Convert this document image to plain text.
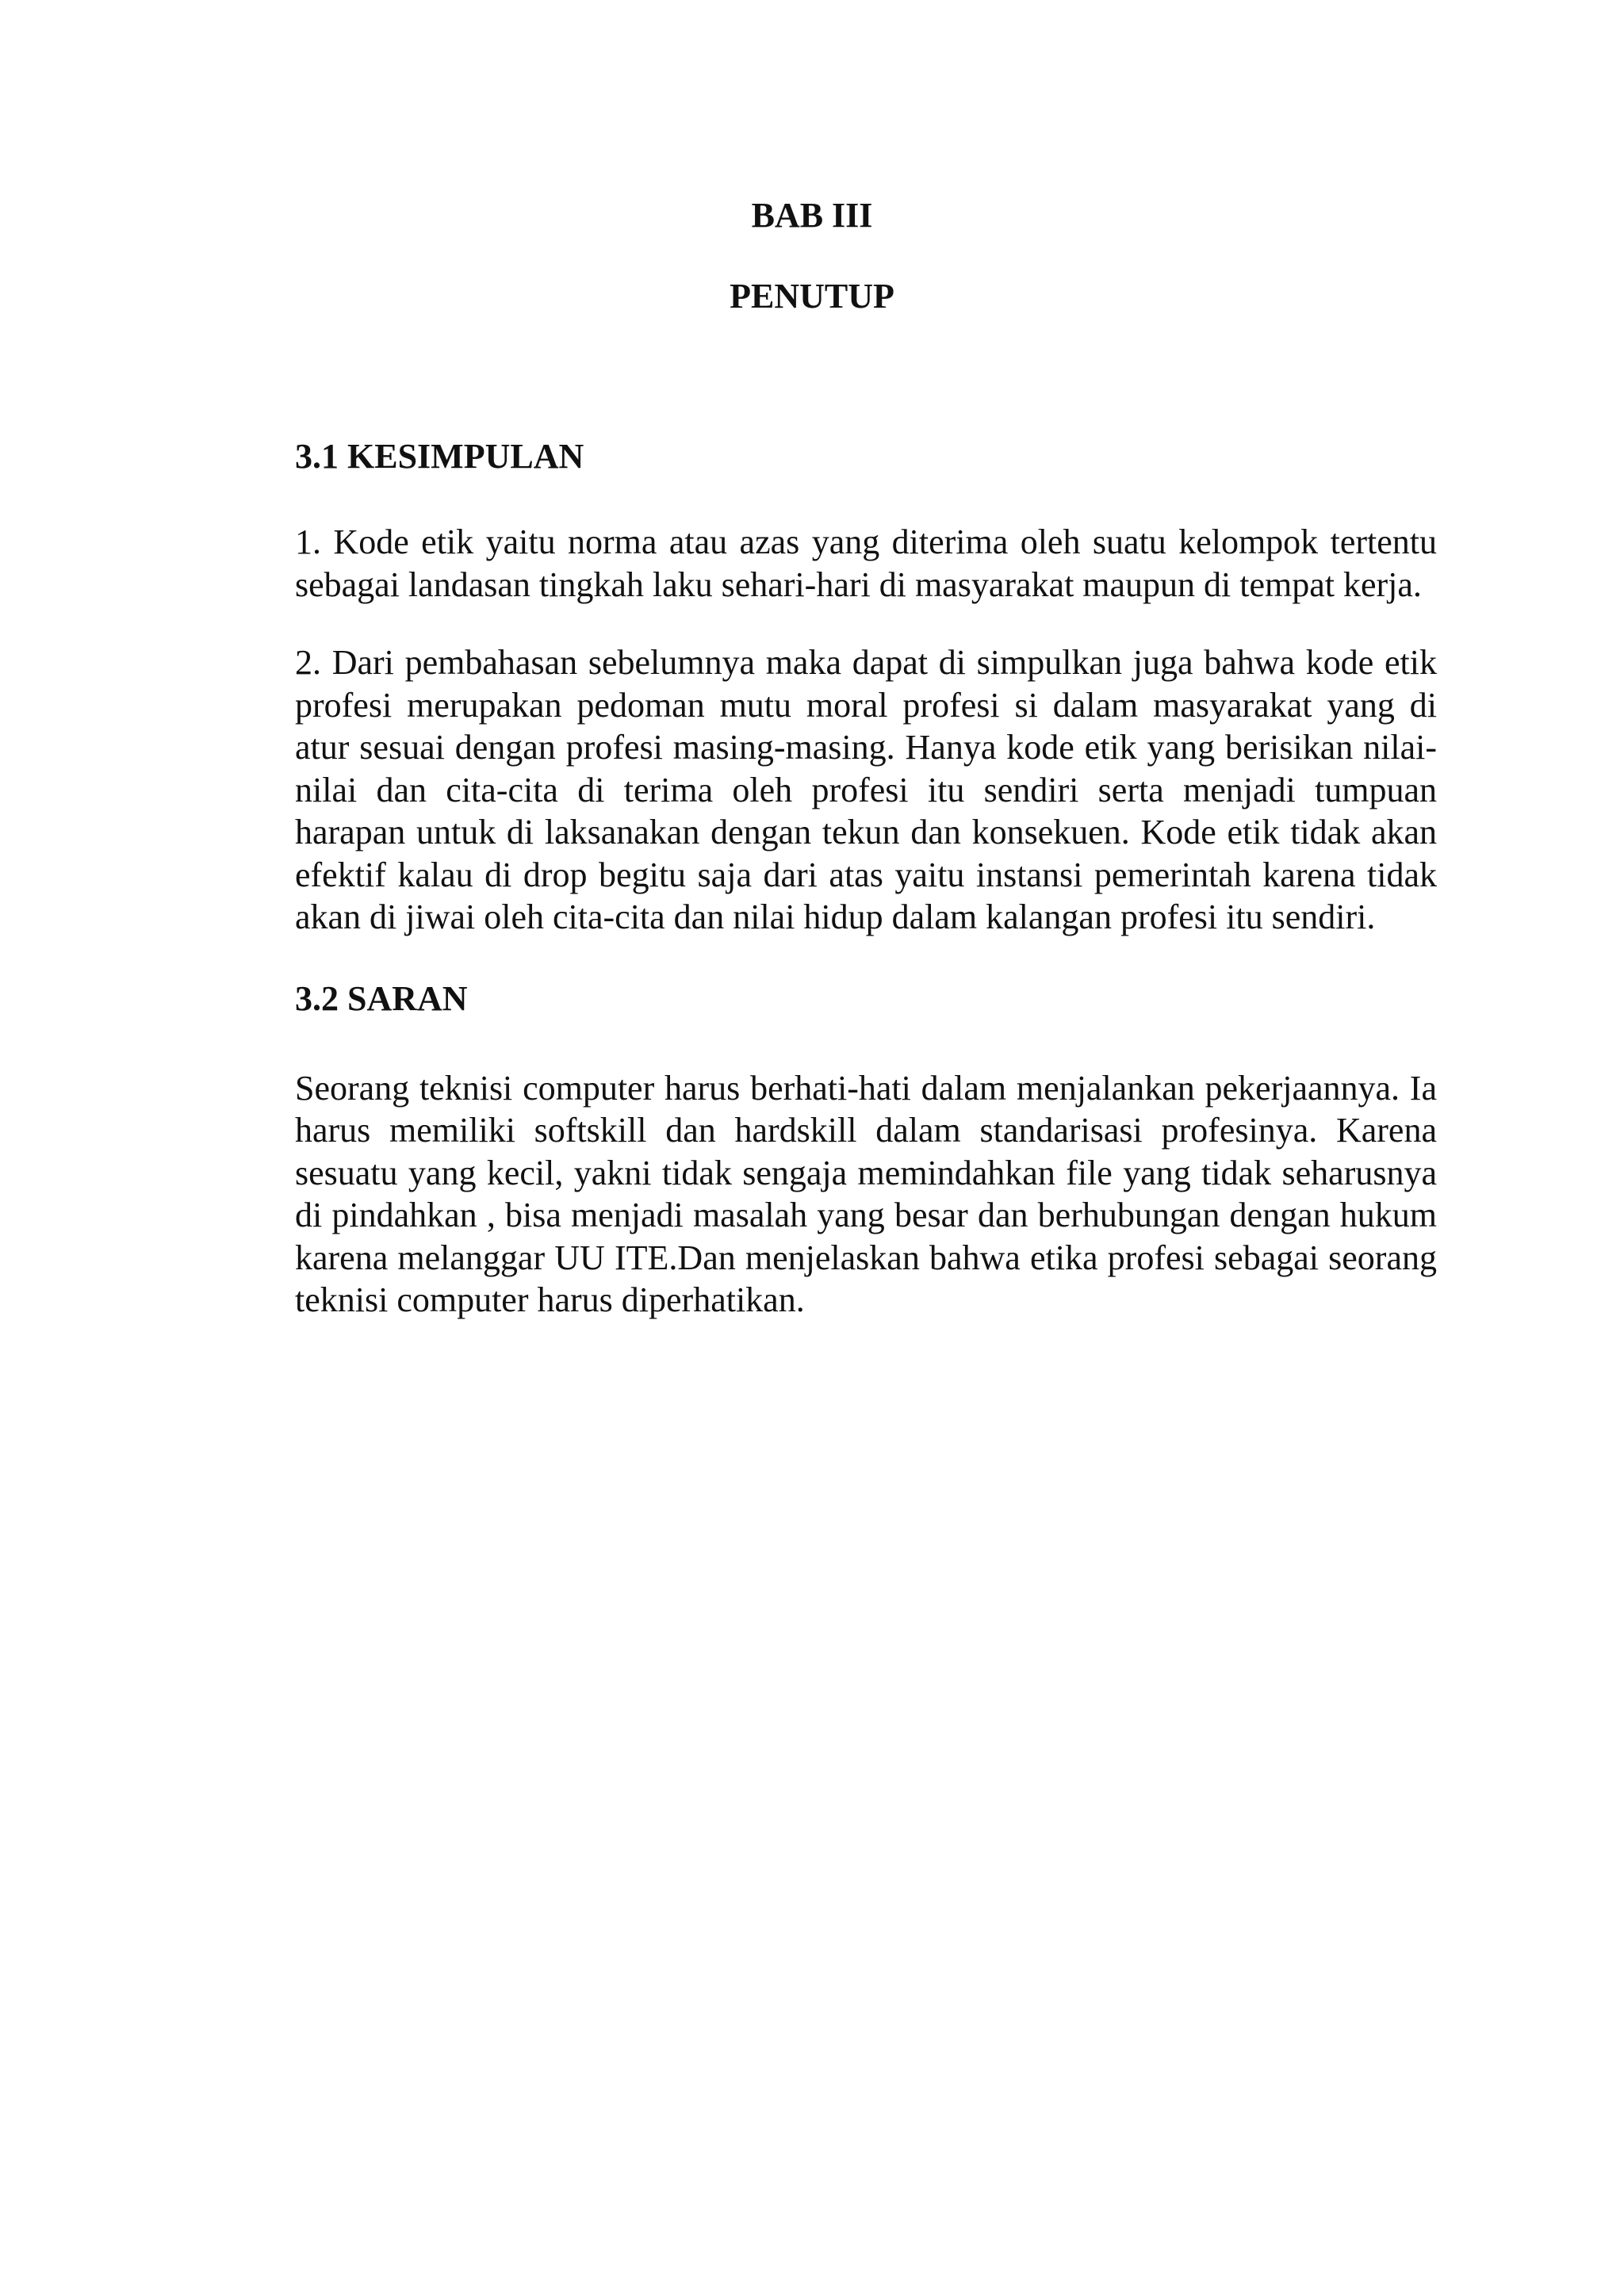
BAB III
PENUTUP
3.1 KESIMPULAN

1. Kode etik yaitu norma atau azas yang diterima oleh suatu kelompok tertentu sebagai landasan tingkah laku sehari-hari di masyarakat maupun di tempat kerja.

2. Dari pembahasan sebelumnya maka dapat di simpulkan juga bahwa kode etik profesi merupakan pedoman mutu moral profesi si dalam masyarakat yang di atur sesuai dengan profesi masing-masing. Hanya kode etik yang berisikan nilai-nilai dan cita-cita di terima oleh profesi itu sendiri serta menjadi tumpuan harapan untuk di laksanakan dengan tekun dan konsekuen. Kode etik tidak akan efektif kalau di drop begitu saja dari atas yaitu instansi pemerintah karena tidak akan di jiwai oleh cita-cita dan nilai hidup dalam kalangan profesi itu sendiri.

3.2 SARAN

Seorang teknisi computer harus berhati-hati dalam menjalankan pekerjaannya. Ia harus memiliki softskill dan hardskill dalam standarisasi profesinya. Karena sesuatu yang kecil, yakni tidak sengaja memindahkan file yang tidak seharusnya di pindahkan , bisa menjadi masalah yang besar dan berhubungan dengan hukum karena melanggar UU ITE.Dan menjelaskan bahwa etika profesi sebagai seorang teknisi computer harus diperhatikan.
